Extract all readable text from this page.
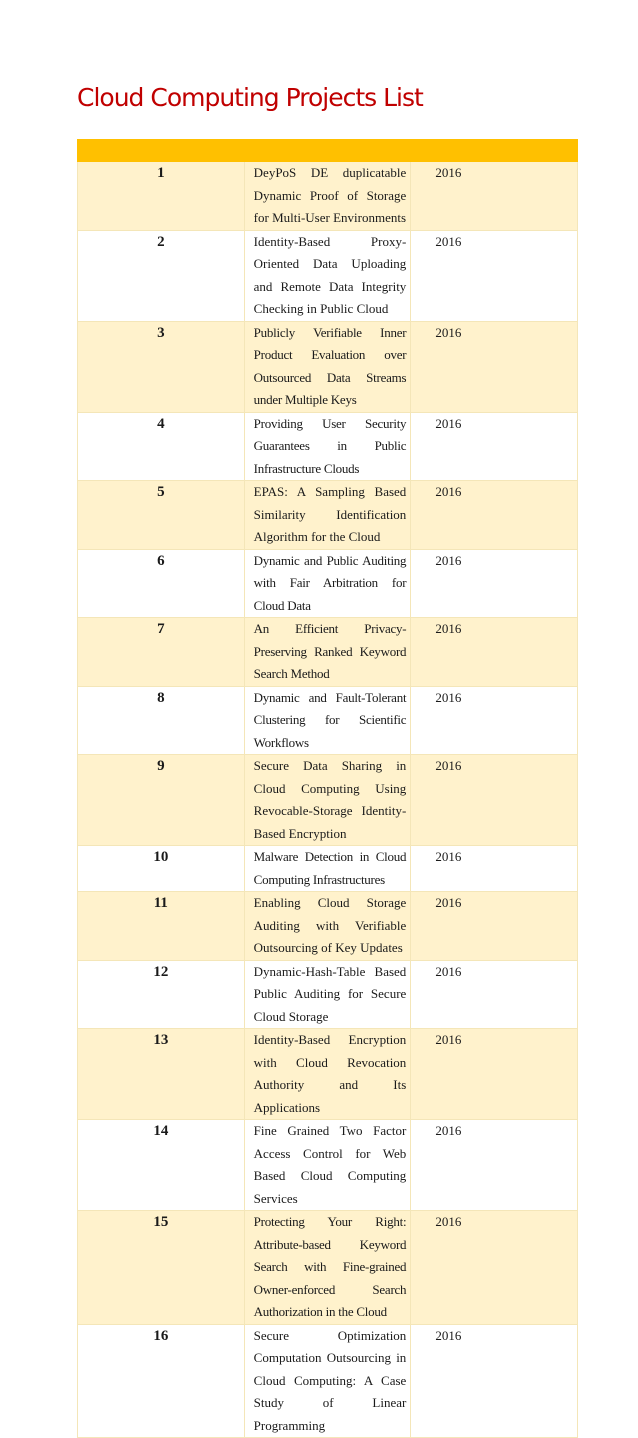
Cloud Computing Projects List

1	DeyPoS DE duplicatable Dynamic Proof of Storage for Multi-User Environments	2016
2	Identity-Based Proxy-Oriented Data Uploading and Remote Data Integrity Checking in Public Cloud	2016
3	Publicly Verifiable Inner Product Evaluation over Outsourced Data Streams under Multiple Keys	2016
4	Providing User Security Guarantees in Public Infrastructure Clouds	2016
5	EPAS: A Sampling Based Similarity Identification Algorithm for the Cloud	2016
6	Dynamic and Public Auditing with Fair Arbitration for Cloud Data	2016
7	An Efficient Privacy-Preserving Ranked Keyword Search Method	2016
8	Dynamic and Fault-Tolerant Clustering for Scientific Workflows	2016
9	Secure Data Sharing in Cloud Computing Using Revocable-Storage Identity-Based Encryption	2016
10	Malware Detection in Cloud Computing Infrastructures	2016
11	Enabling Cloud Storage Auditing with Verifiable Outsourcing of Key Updates	2016
12	Dynamic-Hash-Table Based Public Auditing for Secure Cloud Storage	2016
13	Identity-Based Encryption with Cloud Revocation Authority and Its Applications	2016
14	Fine Grained Two Factor Access Control for Web Based Cloud Computing Services	2016
15	Protecting Your Right: Attribute-based Keyword Search with Fine-grained Owner-enforced Search Authorization in the Cloud	2016
16	Secure Optimization Computation Outsourcing in Cloud Computing: A Case Study of Linear Programming	2016
